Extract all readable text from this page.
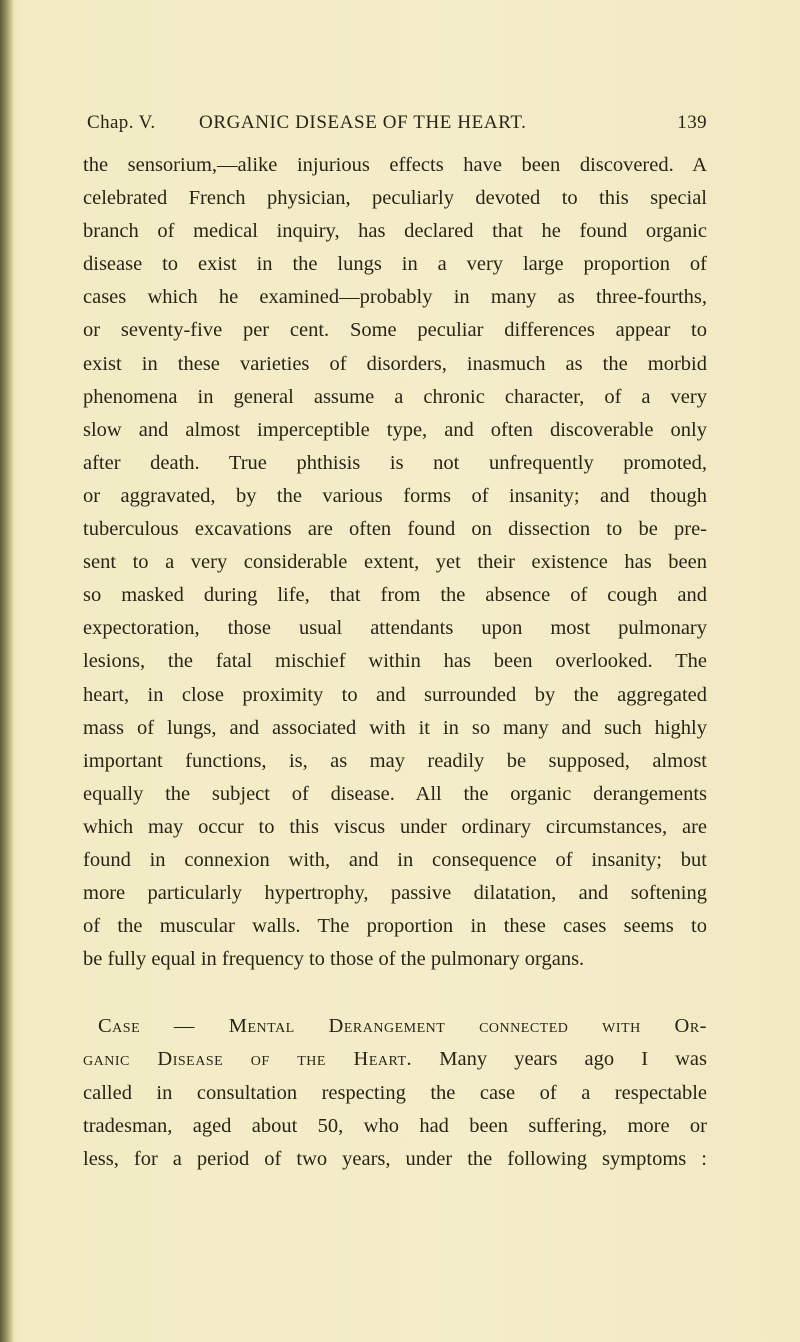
Chap. V. ORGANIC DISEASE OF THE HEART.	139
the sensorium,—alike injurious effects have been discovered. A
celebrated French physician, peculiarly devoted to this special
branch of medical inquiry, has declared that he found organic
disease to exist in the lungs in a very large proportion of
cases which he examined—probably in many as three-fourths,
or seventy-five per cent. Some peculiar differences appear to
exist in these varieties of disorders, inasmuch as the morbid
phenomena in general assume a chronic character, of a very
slow and almost imperceptible type, and often discoverable only
after death. True phthisis is not unfrequently promoted,
or aggravated, by the various forms of insanity; and though
tuberculous excavations are often found on dissection to be pre-
sent to a very considerable extent, yet their existence has been
so masked during life, that from the absence of cough and
expectoration, those usual attendants upon most pulmonary
lesions, the fatal mischief within has been overlooked. The
heart, in close proximity to and surrounded by the aggregated
mass of lungs, and associated with it in so many and such highly
important functions, is, as may readily be supposed, almost
equally the subject of disease. All the organic derangements
which may occur to this viscus under ordinary circumstances, are
found in connexion with, and in consequence of insanity; but
more particularly hypertrophy, passive dilatation, and softening
of the muscular walls. The proportion in these cases seems to
be fully equal in frequency to those of the pulmonary organs.
Case — Mental Derangement connected with Or-
ganic Disease of the Heart. Many years ago I was
called in consultation respecting the case of a respectable
tradesman, aged about 50, who had been suffering, more or
less, for a period of two years, under the following symptoms :
